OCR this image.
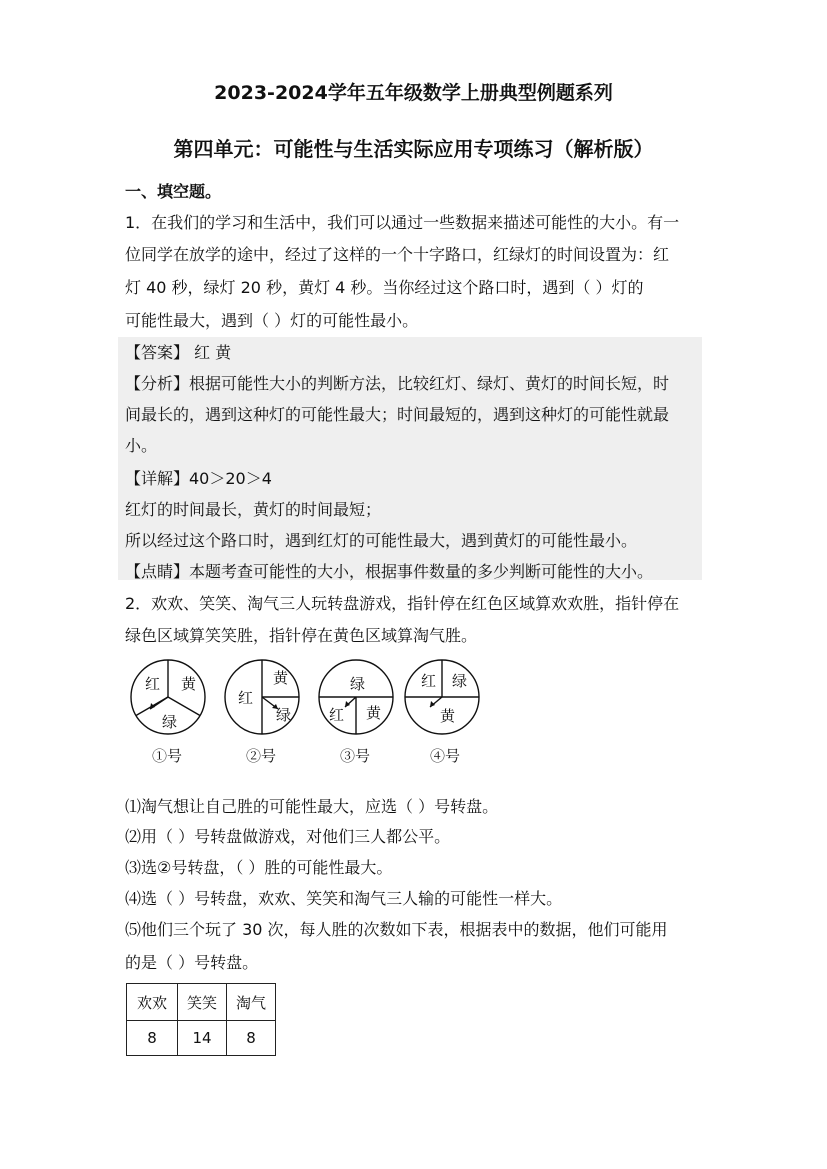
2023-2024学年五年级数学上册典型例题系列
第四单元：可能性与生活实际应用专项练习（解析版）
一、填空题。
1．在我们的学习和生活中，我们可以通过一些数据来描述可能性的大小。有一
位同学在放学的途中，经过了这样的一个十字路口，红绿灯的时间设置为：红
灯 40 秒，绿灯 20 秒，黄灯 4 秒。当你经过这个路口时，遇到（ ）灯的
可能性最大，遇到（ ）灯的可能性最小。
【答案】 红 黄
【分析】根据可能性大小的判断方法，比较红灯、绿灯、黄灯的时间长短，时
间最长的，遇到这种灯的可能性最大；时间最短的，遇到这种灯的可能性就最
小。
【详解】40＞20＞4
红灯的时间最长，黄灯的时间最短；
所以经过这个路口时，遇到红灯的可能性最大，遇到黄灯的可能性最小。
【点睛】本题考查可能性的大小，根据事件数量的多少判断可能性的大小。
2．欢欢、笑笑、淘气三人玩转盘游戏，指针停在红色区域算欢欢胜，指针停在
绿色区域算笑笑胜，指针停在黄色区域算淘气胜。
红 黄
绿
红
黄
绿
绿
红 黄
红 绿
黄
①号	②号	③号	④号
⑴淘气想让自己胜的可能性最大，应选（ ）号转盘。
⑵用（ ）号转盘做游戏，对他们三人都公平。
⑶选②号转盘，（ ）胜的可能性最大。
⑷选（ ）号转盘，欢欢、笑笑和淘气三人输的可能性一样大。
⑸他们三个玩了 30 次，每人胜的次数如下表，根据表中的数据，他们可能用
的是（ ）号转盘。
欢欢	笑笑	淘气
8	14	8
